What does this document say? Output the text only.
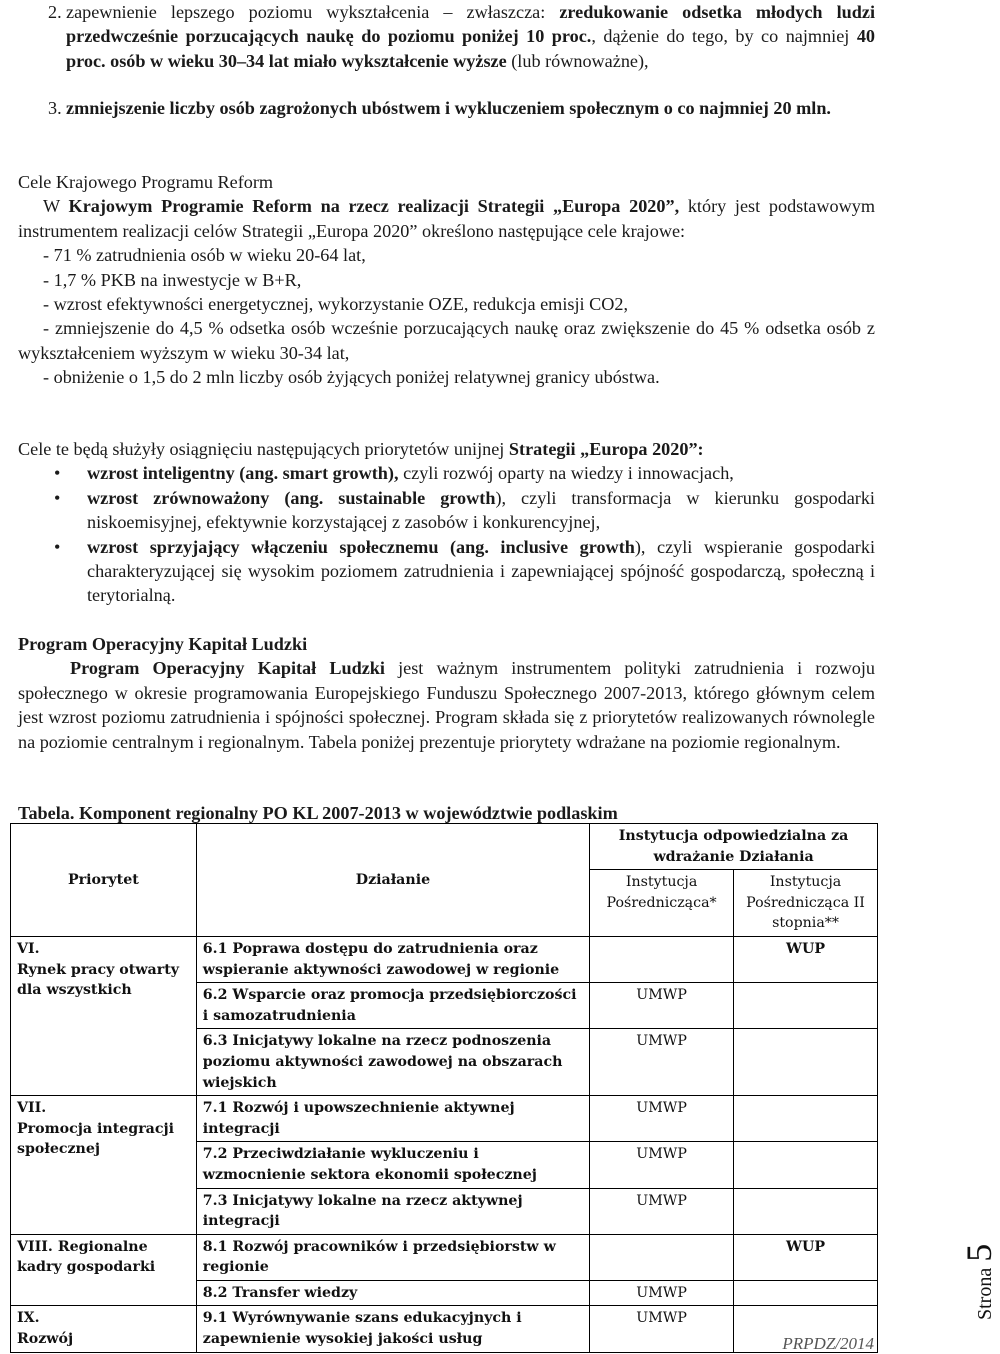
2. zapewnienie lepszego poziomu wykształcenia – zwłaszcza: zredukowanie odsetka młodych ludzi przedwcześnie porzucających naukę do poziomu poniżej 10 proc., dążenie do tego, by co najmniej 40 proc. osób w wieku 30–34 lat miało wykształcenie wyższe (lub równoważne),

3. zmniejszenie liczby osób zagrożonych ubóstwem i wykluczeniem społecznym o co najmniej 20 mln.

Cele Krajowego Programu Reform

W Krajowym Programie Reform na rzecz realizacji Strategii „Europa 2020”, który jest podstawowym instrumentem realizacji celów Strategii „Europa 2020” określono następujące cele krajowe:

- 71 % zatrudnienia osób w wieku 20-64 lat,

- 1,7 % PKB na inwestycje w B+R,

- wzrost efektywności energetycznej, wykorzystanie OZE, redukcja emisji CO2,

- zmniejszenie do 4,5 % odsetka osób wcześnie porzucających naukę oraz zwiększenie do 45 % odsetka osób z wykształceniem wyższym w wieku 30-34 lat,

- obniżenie o 1,5 do 2 mln liczby osób żyjących poniżej relatywnej granicy ubóstwa.

Cele te będą służyły osiągnięciu następujących priorytetów unijnej Strategii „Europa 2020”:

• wzrost inteligentny (ang. smart growth), czyli rozwój oparty na wiedzy i innowacjach,
• wzrost zrównoważony (ang. sustainable growth), czyli transformacja w kierunku gospodarki niskoemisyjnej, efektywnie korzystającej z zasobów i konkurencyjnej,
• wzrost sprzyjający włączeniu społecznemu (ang. inclusive growth), czyli wspieranie gospodarki charakteryzującej się wysokim poziomem zatrudnienia i zapewniającej spójność gospodarczą, społeczną i terytorialną.

Program Operacyjny Kapitał Ludzki

Program Operacyjny Kapitał Ludzki jest ważnym instrumentem polityki zatrudnienia i rozwoju społecznego w okresie programowania Europejskiego Funduszu Społecznego 2007-2013, którego głównym celem jest wzrost poziomu zatrudnienia i spójności społecznej. Program składa się z priorytetów realizowanych równolegle na poziomie centralnym i regionalnym. Tabela poniżej prezentuje priorytety wdrażane na poziomie regionalnym.

Tabela. Komponent regionalny PO KL 2007-2013 w województwie podlaskim

Priorytet	Działanie	Instytucja odpowiedzialna za wdrażanie Działania	
		Instytucja Pośrednicząca*	Instytucja Pośrednicząca II stopnia**
VI.
Rynek pracy otwarty dla wszystkich	6.1 Poprawa dostępu do zatrudnienia oraz wspieranie aktywności zawodowej w regionie		WUP
	6.2 Wsparcie oraz promocja przedsiębiorczości i samozatrudnienia	UMWP	
	6.3 Inicjatywy lokalne na rzecz podnoszenia poziomu aktywności zawodowej na obszarach wiejskich	UMWP	
VII.
Promocja integracji społecznej	7.1 Rozwój i upowszechnienie aktywnej integracji	UMWP	
	7.2 Przeciwdziałanie wykluczeniu i wzmocnienie sektora ekonomii społecznej	UMWP	
	7.3 Inicjatywy lokalne na rzecz aktywnej integracji	UMWP	
VIII. Regionalne kadry gospodarki	8.1 Rozwój pracowników i przedsiębiorstw w regionie		WUP
	8.2 Transfer wiedzy	UMWP	
IX.
Rozwój	9.1 Wyrównywanie szans edukacyjnych i zapewnienie wysokiej jakości usług	UMWP		Strona5
PRPDZ/2014
